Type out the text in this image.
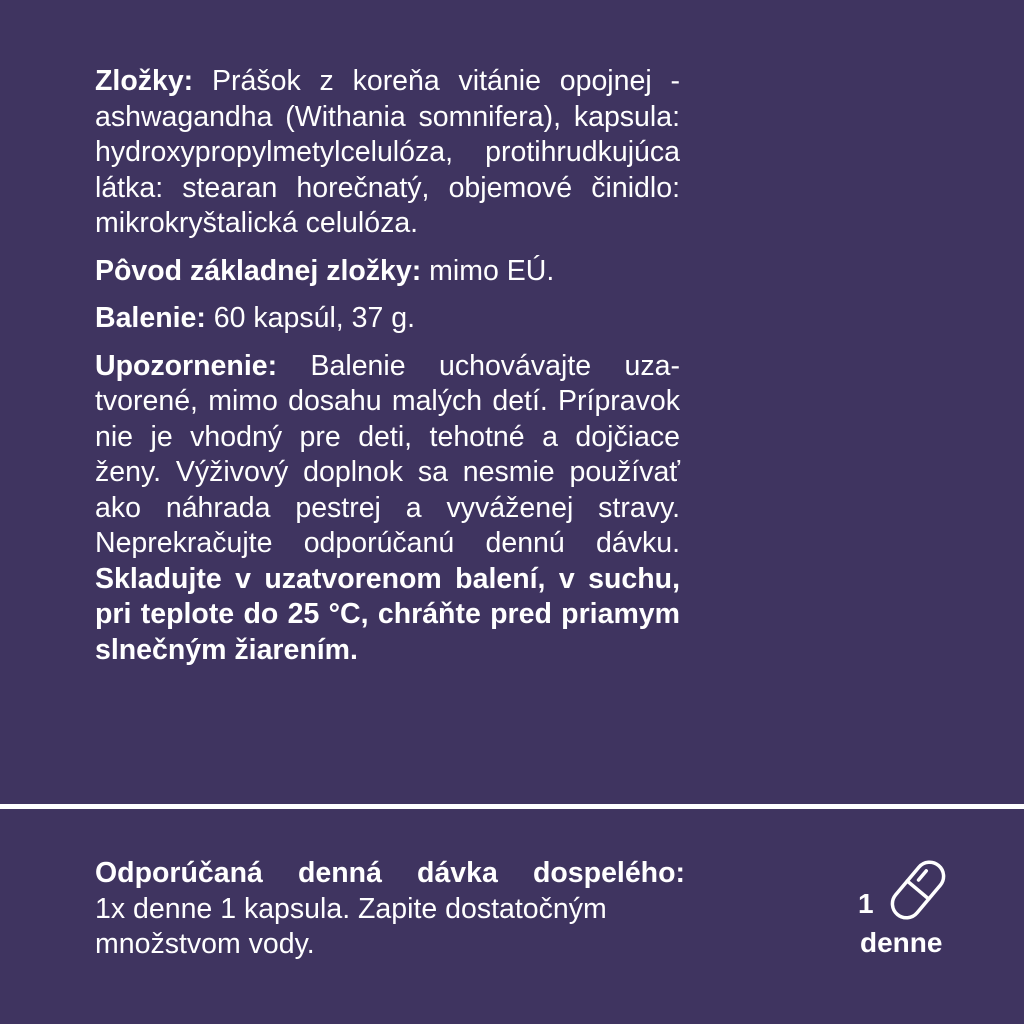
Zložky: Prášok z koreňa vitánie opojnej - ashwagandha (Withania somnifera), kapsula: hydroxypropylmetylcelulóza, protihrudkujúca látka: stearan horečnatý, objemové činidlo: mikrokryštalická celulóza.

Pôvod základnej zložky: mimo EÚ.

Balenie: 60 kapsúl, 37 g.

Upozornenie: Balenie uchovávajte uzatvorené, mimo dosahu malých detí. Prípravok nie je vhodný pre deti, tehotné a dojčiace ženy. Výživový doplnok sa nesmie používať ako náhrada pestrej a vyváženej stravy. Neprekračujte odporúčanú dennú dávku. Skladujte v uzatvorenom balení, v suchu, pri teplote do 25 °C, chráňte pred priamym slnečným žiarením.

Odporúčaná denná dávka dospelého:
1x denne 1 kapsula. Zapite dostatočným
množstvom vody.
1
denne
